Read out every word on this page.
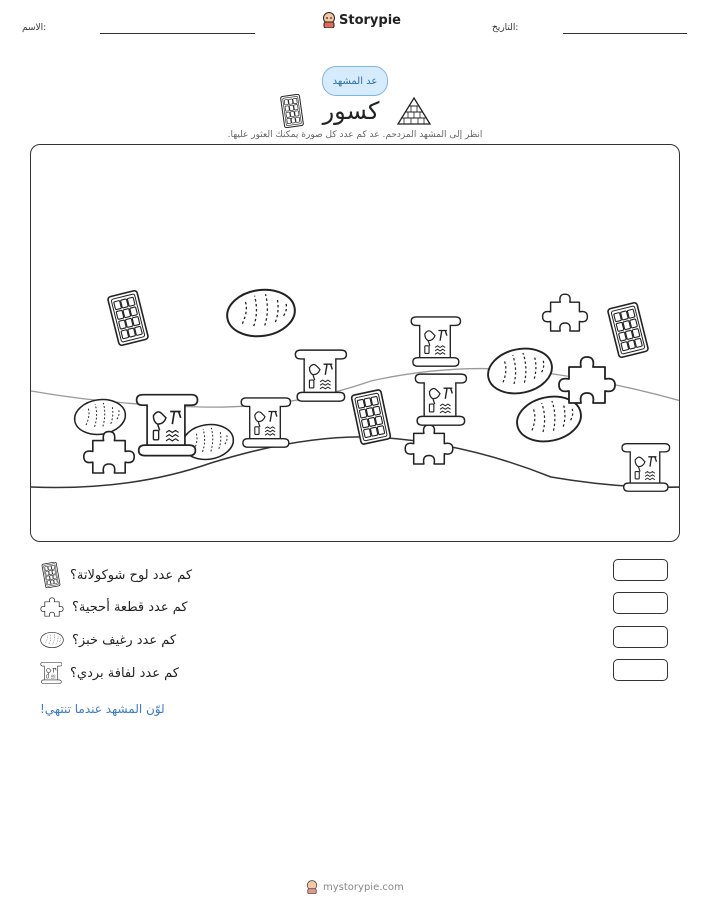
الاسم:
Storypie
التاريخ:
عد المشهد
كسور
انظر إلى المشهد المزدحم. عد كم عدد كل صورة يمكنك العثور عليها.
كم عدد لوح شوكولاتة؟
كم عدد قطعة أحجية؟
كم عدد رغيف خبز؟
كم عدد لفافة بردي؟
لوّن المشهد عندما تنتهي!
mystorypie.com
